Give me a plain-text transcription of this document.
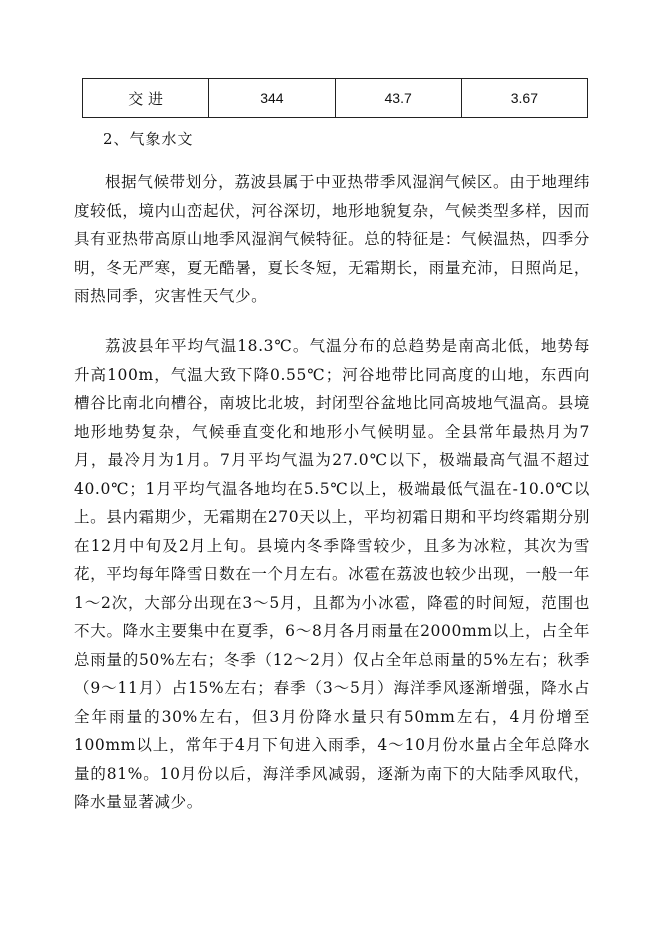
交 进	344	43.7	3.67

2、气象水文

根据气候带划分，荔波县属于中亚热带季风湿润气候区。由于地理纬度较低，境内山峦起伏，河谷深切，地形地貌复杂，气候类型多样，因而具有亚热带高原山地季风湿润气候特征。总的特征是：气候温热，四季分明，冬无严寒，夏无酷暑，夏长冬短，无霜期长，雨量充沛，日照尚足，雨热同季，灾害性天气少。

荔波县年平均气温18.3℃。气温分布的总趋势是南高北低，地势每升高100m，气温大致下降0.55℃；河谷地带比同高度的山地，东西向槽谷比南北向槽谷，南坡比北坡，封闭型谷盆地比同高坡地气温高。县境地形地势复杂，气候垂直变化和地形小气候明显。全县常年最热月为7月，最冷月为1月。7月平均气温为27.0℃以下，极端最高气温不超过40.0℃；1月平均气温各地均在5.5℃以上，极端最低气温在-10.0℃以上。县内霜期少，无霜期在270天以上，平均初霜日期和平均终霜期分别在12月中旬及2月上旬。县境内冬季降雪较少，且多为冰粒，其次为雪花，平均每年降雪日数在一个月左右。冰雹在荔波也较少出现，一般一年1～2次，大部分出现在3～5月，且都为小冰雹，降雹的时间短，范围也不大。降水主要集中在夏季，6～8月各月雨量在2000mm以上，占全年总雨量的50%左右；冬季（12～2月）仅占全年总雨量的5%左右；秋季（9～11月）占15%左右；春季（3～5月）海洋季风逐渐增强，降水占全年雨量的30%左右，但3月份降水量只有50mm左右，4月份增至100mm以上，常年于4月下旬进入雨季，4～10月份水量占全年总降水量的81%。10月份以后，海洋季风减弱，逐渐为南下的大陆季风取代，降水量显著减少。
